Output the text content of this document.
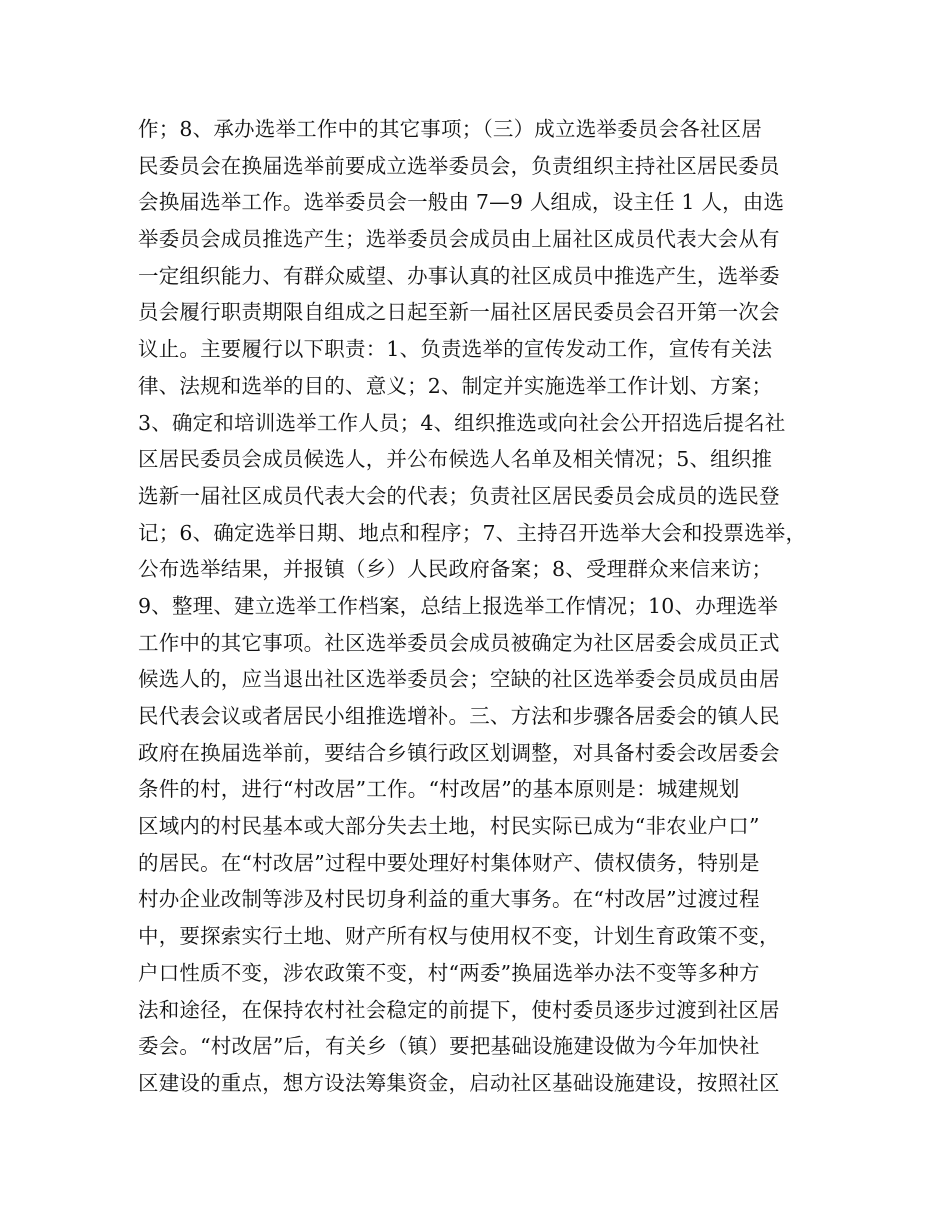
作；8、承办选举工作中的其它事项；（三）成立选举委员会各社区居
民委员会在换届选举前要成立选举委员会，负责组织主持社区居民委员
会换届选举工作。选举委员会一般由 7—9 人组成，设主任 1 人，由选
举委员会成员推选产生；选举委员会成员由上届社区成员代表大会从有
一定组织能力、有群众威望、办事认真的社区成员中推选产生，选举委
员会履行职责期限自组成之日起至新一届社区居民委员会召开第一次会
议止。主要履行以下职责：1、负责选举的宣传发动工作，宣传有关法
律、法规和选举的目的、意义；2、制定并实施选举工作计划、方案；
3、确定和培训选举工作人员；4、组织推选或向社会公开招选后提名社
区居民委员会成员候选人，并公布候选人名单及相关情况；5、组织推
选新一届社区成员代表大会的代表；负责社区居民委员会成员的选民登
记；6、确定选举日期、地点和程序；7、主持召开选举大会和投票选举，
公布选举结果，并报镇（乡）人民政府备案；8、受理群众来信来访；
9、整理、建立选举工作档案，总结上报选举工作情况；10、办理选举
工作中的其它事项。社区选举委员会成员被确定为社区居委会成员正式
候选人的，应当退出社区选举委员会；空缺的社区选举委会员成员由居
民代表会议或者居民小组推选增补。三、方法和步骤各居委会的镇人民
政府在换届选举前，要结合乡镇行政区划调整，对具备村委会改居委会
条件的村，进行“村改居”工作。“村改居”的基本原则是：城建规划
区域内的村民基本或大部分失去土地，村民实际已成为“非农业户口”
的居民。在“村改居”过程中要处理好村集体财产、债权债务，特别是
村办企业改制等涉及村民切身利益的重大事务。在“村改居”过渡过程
中，要探索实行土地、财产所有权与使用权不变，计划生育政策不变，
户口性质不变，涉农政策不变，村“两委”换届选举办法不变等多种方
法和途径，在保持农村社会稳定的前提下，使村委员逐步过渡到社区居
委会。“村改居”后，有关乡（镇）要把基础设施建设做为今年加快社
区建设的重点，想方设法筹集资金，启动社区基础设施建设，按照社区
